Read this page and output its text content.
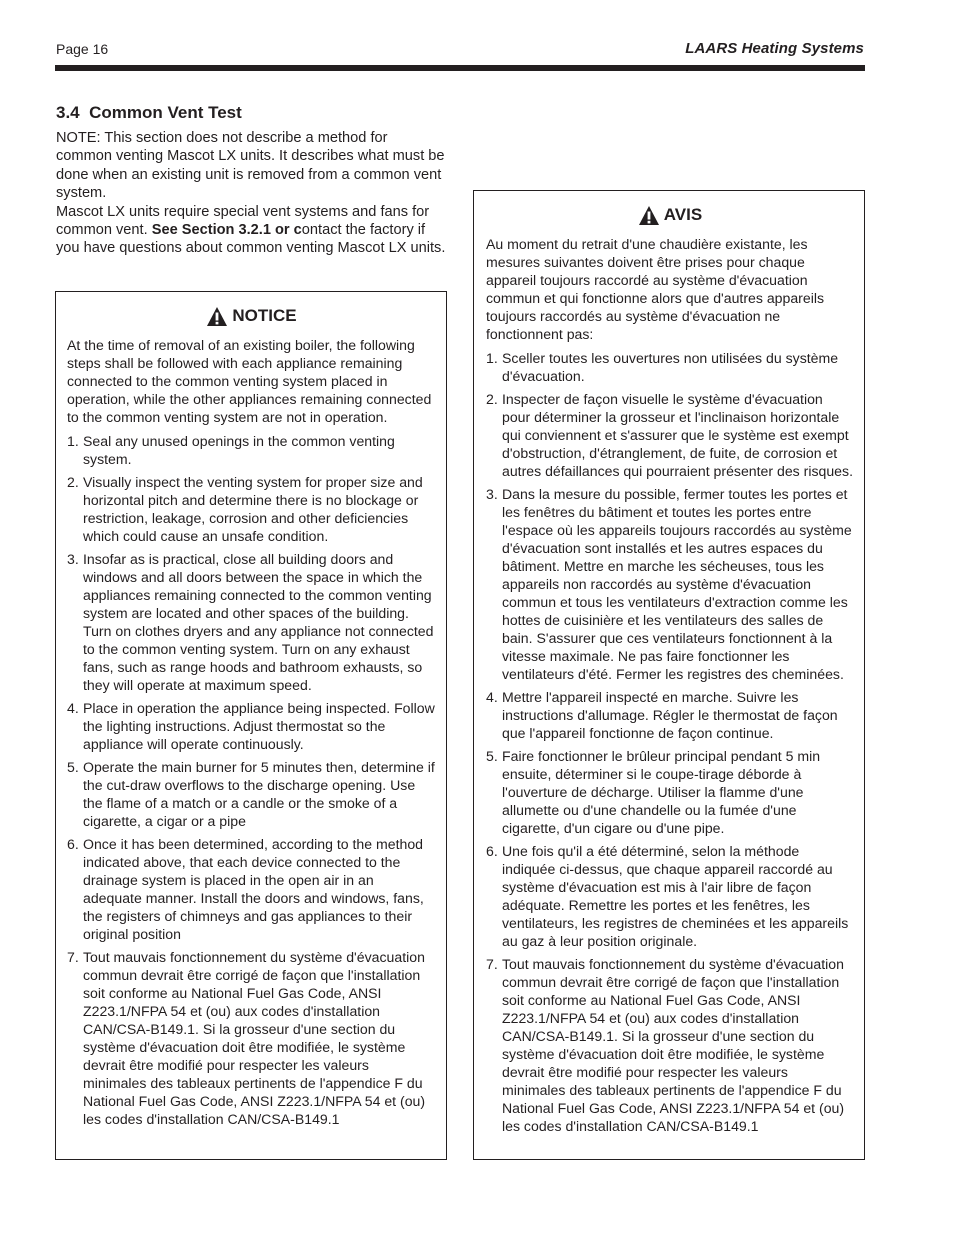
Page 16	LAARS Heating Systems
3.4  Common Vent Test

NOTE: This section does not describe a method for common venting Mascot LX units. It describes what must be done when an existing unit is removed from a common vent system.

Mascot LX units require special vent systems and fans for common vent. See Section 3.2.1 or contact the factory if you have questions about common venting Mascot LX units.

NOTICE

At the time of removal of an existing boiler, the following steps shall be followed with each appliance remaining connected to the common venting system placed in operation, while the other appliances remaining connected to the common venting system are not in operation.

1. Seal any unused openings in the common venting system.
2. Visually inspect the venting system for proper size and horizontal pitch and determine there is no blockage or restriction, leakage, corrosion and other deficiencies which could cause an unsafe condition.
3. Insofar as is practical, close all building doors and windows and all doors between the space in which the appliances remaining connected to the common venting system are located and other spaces of the building. Turn on clothes dryers and any appliance not connected to the common venting system. Turn on any exhaust fans, such as range hoods and bathroom exhausts, so they will operate at maximum speed.
4. Place in operation the appliance being inspected. Follow the lighting instructions. Adjust thermostat so the appliance will operate continuously.
5. Operate the main burner for 5 minutes then, determine if the cut-draw overflows to the discharge opening. Use the flame of a match or a candle or the smoke of a cigarette, a cigar or a pipe
6. Once it has been determined, according to the method indicated above, that each device connected to the drainage system is placed in the open air in an adequate manner. Install the doors and windows, fans, the registers of chimneys and gas appliances to their original position
7. Tout mauvais fonctionnement du système d'évacuation commun devrait être corrigé de façon que l'installation soit conforme au National Fuel Gas Code, ANSI Z223.1/NFPA 54 et (ou) aux codes d'installation CAN/CSA-B149.1. Si la grosseur d'une section du système d'évacuation doit être modifiée, le système devrait être modifié pour respecter les valeurs minimales des tableaux pertinents de l'appendice F du National Fuel Gas Code, ANSI Z223.1/NFPA 54 et (ou) les codes d'installation CAN/CSA-B149.1
AVIS

Au moment du retrait d'une chaudière existante, les mesures suivantes doivent être prises pour chaque appareil toujours raccordé au système d'évacuation commun et qui fonctionne alors que d'autres appareils toujours raccordés au système d'évacuation ne fonctionnent pas:

1. Sceller toutes les ouvertures non utilisées du système d'évacuation.
2. Inspecter de façon visuelle le système d'évacuation pour déterminer la grosseur et l'inclinaison horizontale qui conviennent et s'assurer que le système est exempt d'obstruction, d'étranglement, de fuite, de corrosion et autres défaillances qui pourraient présenter des risques.
3. Dans la mesure du possible, fermer toutes les portes et les fenêtres du bâtiment et toutes les portes entre l'espace où les appareils toujours raccordés au système d'évacuation sont installés et les autres espaces du bâtiment. Mettre en marche les sécheuses, tous les appareils non raccordés au système d'évacuation commun et tous les ventilateurs d'extraction comme les hottes de cuisinière et les ventilateurs des salles de bain. S'assurer que ces ventilateurs fonctionnent à la vitesse maximale. Ne pas faire fonctionner les ventilateurs d'été. Fermer les registres des cheminées.
4. Mettre l'appareil inspecté en marche. Suivre les instructions d'allumage. Régler le thermostat de façon que l'appareil fonctionne de façon continue.
5. Faire fonctionner le brûleur principal pendant 5 min ensuite, déterminer si le coupe-tirage déborde à l'ouverture de décharge. Utiliser la flamme d'une allumette ou d'une chandelle ou la fumée d'une cigarette, d'un cigare ou d'une pipe.
6. Une fois qu'il a été déterminé, selon la méthode indiquée ci-dessus, que chaque appareil raccordé au système d'évacuation est mis à l'air libre de façon adéquate. Remettre les portes et les fenêtres, les ventilateurs, les registres de cheminées et les appareils au gaz à leur position originale.
7. Tout mauvais fonctionnement du système d'évacuation commun devrait être corrigé de façon que l'installation soit conforme au National Fuel Gas Code, ANSI Z223.1/NFPA 54 et (ou) aux codes d'installation CAN/CSA-B149.1. Si la grosseur d'une section du système d'évacuation doit être modifiée, le système devrait être modifié pour respecter les valeurs minimales des tableaux pertinents de l'appendice F du National Fuel Gas Code, ANSI Z223.1/NFPA 54 et (ou) les codes d'installation CAN/CSA-B149.1
